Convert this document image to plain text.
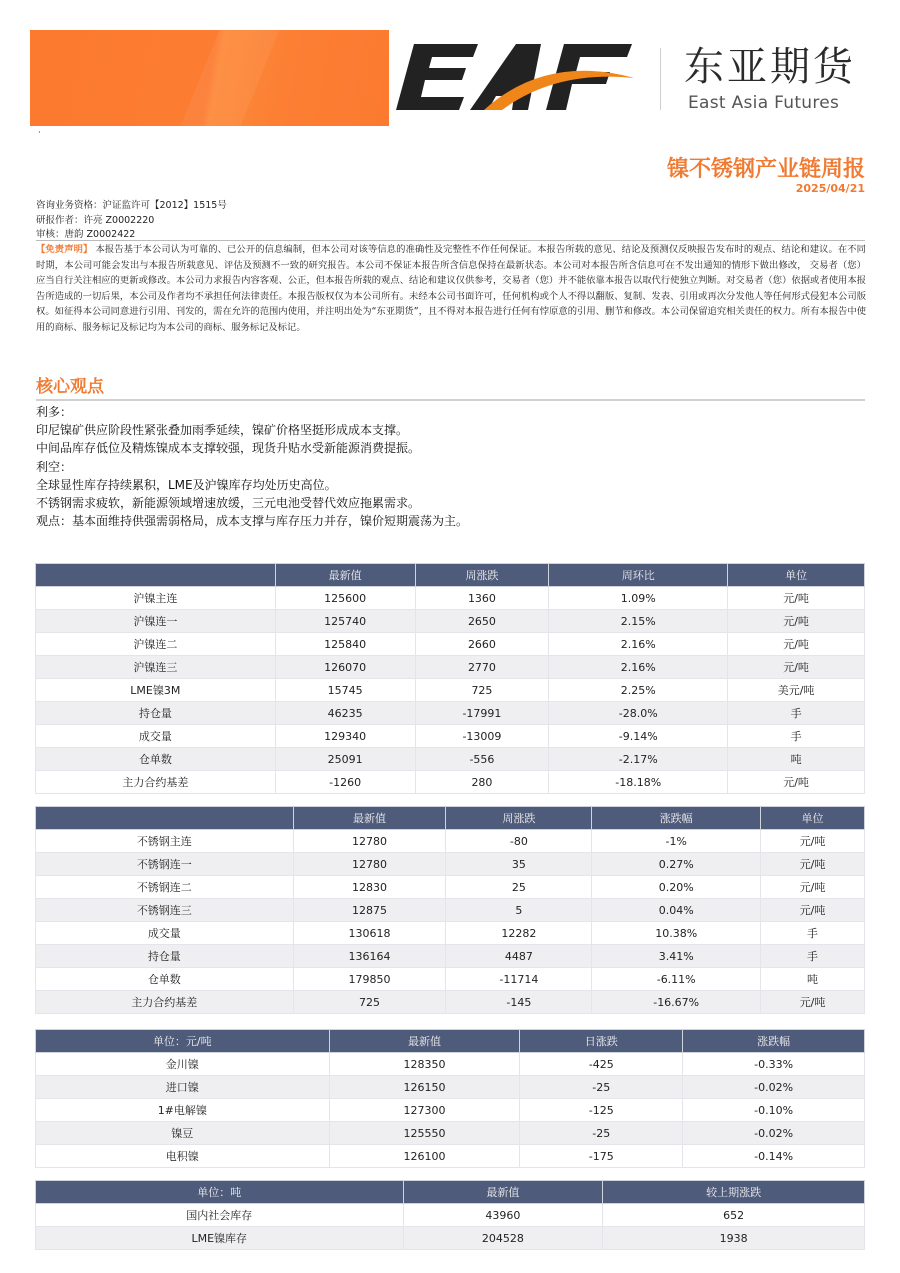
东亚期货
East Asia Futures
·
镍不锈钢产业链周报
2025/04/21
咨询业务资格：沪证监许可【2012】1515号
研报作者：许亮 Z0002220
审核：唐韵 Z0002422
【免责声明】 本报告基于本公司认为可靠的、已公开的信息编制，但本公司对该等信息的准确性及完整性不作任何保证。本报告所载的意见、结论及预测仅反映报告发布时的观点、结论和建议。在不同时期，本公司可能会发出与本报告所载意见、评估及预测不一致的研究报告。本公司不保证本报告所含信息保持在最新状态。本公司对本报告所含信息可在不发出通知的情形下做出修改， 交易者（您）应当自行关注相应的更新或修改。本公司力求报告内容客观、公正，但本报告所载的观点、结论和建议仅供参考，交易者（您）并不能依靠本报告以取代行使独立判断。对交易者（您）依据或者使用本报告所造成的一切后果，本公司及作者均不承担任何法律责任。本报告版权仅为本公司所有。未经本公司书面许可，任何机构或个人不得以翻版、复制、发表、引用或再次分发他人等任何形式侵犯本公司版权。如征得本公司同意进行引用、刊发的，需在允许的范围内使用，并注明出处为“东亚期货”，且不得对本报告进行任何有悖原意的引用、删节和修改。本公司保留追究相关责任的权力。所有本报告中使用的商标、服务标记及标记均为本公司的商标、服务标记及标记。
核心观点
利多：
印尼镍矿供应阶段性紧张叠加雨季延续，镍矿价格坚挺形成成本支撑。
中间品库存低位及精炼镍成本支撑较强，现货升贴水受新能源消费提振。
利空：
全球显性库存持续累积，LME及沪镍库存均处历史高位。
不锈钢需求疲软，新能源领域增速放缓，三元电池受替代效应拖累需求。
观点：基本面维持供强需弱格局，成本支撑与库存压力并存，镍价短期震荡为主。
	最新值	周涨跌	周环比	单位
沪镍主连	125600	1360	1.09%	元/吨
沪镍连一	125740	2650	2.15%	元/吨
沪镍连二	125840	2660	2.16%	元/吨
沪镍连三	126070	2770	2.16%	元/吨
LME镍3M	15745	725	2.25%	美元/吨
持仓量	46235	-17991	-28.0%	手
成交量	129340	-13009	-9.14%	手
仓单数	25091	-556	-2.17%	吨
主力合约基差	-1260	280	-18.18%	元/吨
	最新值	周涨跌	涨跌幅	单位
不锈钢主连	12780	-80	-1%	元/吨
不锈钢连一	12780	35	0.27%	元/吨
不锈钢连二	12830	25	0.20%	元/吨
不锈钢连三	12875	5	0.04%	元/吨
成交量	130618	12282	10.38%	手
持仓量	136164	4487	3.41%	手
仓单数	179850	-11714	-6.11%	吨
主力合约基差	725	-145	-16.67%	元/吨
单位：元/吨	最新值	日涨跌	涨跌幅
金川镍	128350	-425	-0.33%
进口镍	126150	-25	-0.02%
1#电解镍	127300	-125	-0.10%
镍豆	125550	-25	-0.02%
电积镍	126100	-175	-0.14%
单位：吨	最新值	较上期涨跌
国内社会库存	43960	652
LME镍库存	204528	1938
